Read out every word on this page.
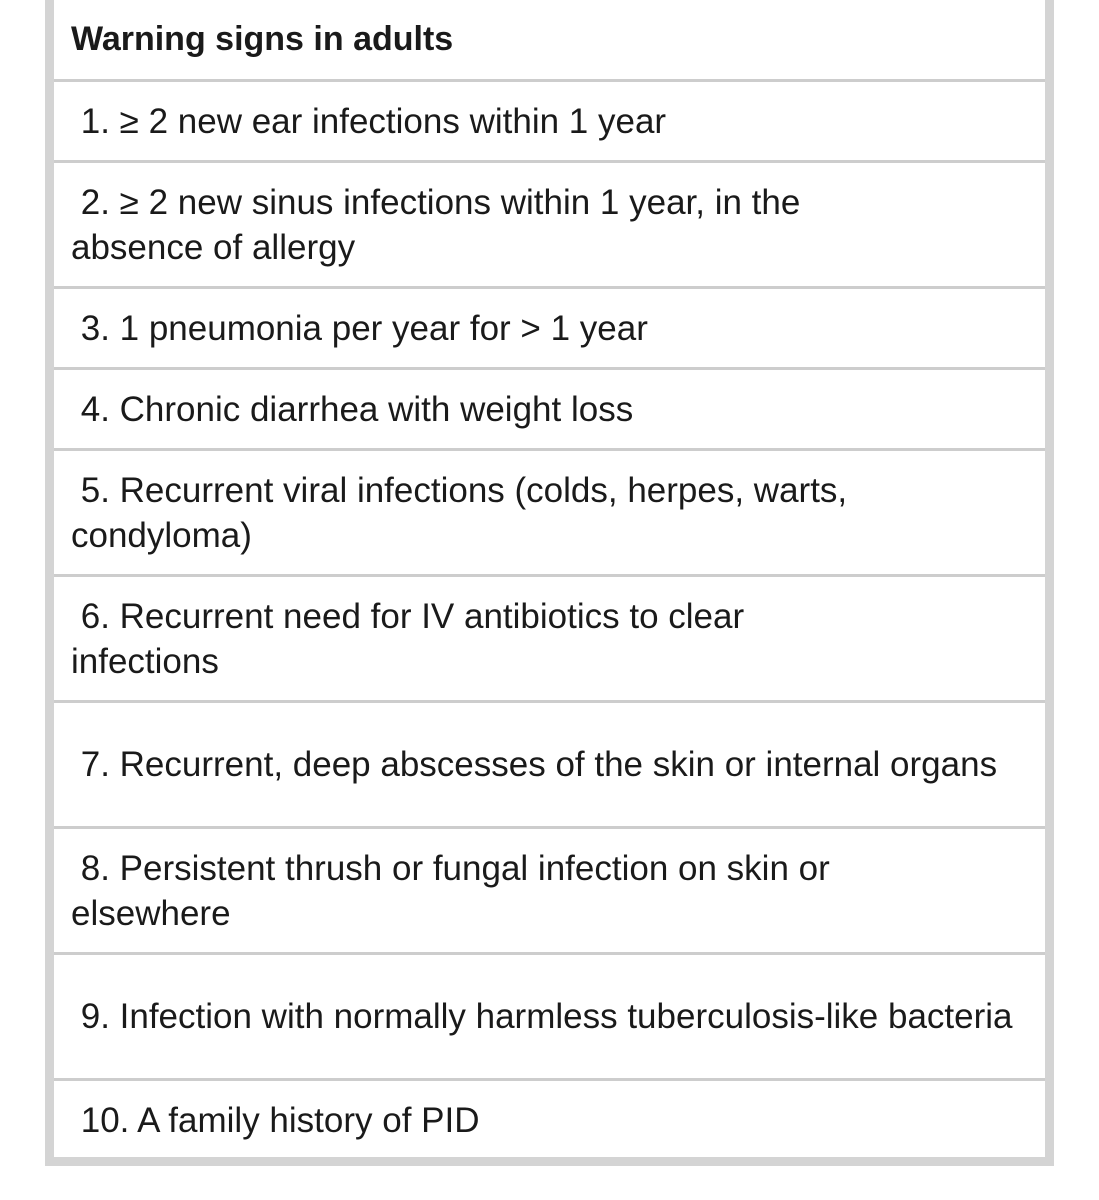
Warning signs in adults
1. ≥ 2 new ear infections within 1 year
2. ≥ 2 new sinus infections within 1 year, in the absence of allergy
3. 1 pneumonia per year for > 1 year
4. Chronic diarrhea with weight loss
5. Recurrent viral infections (colds, herpes, warts, condyloma)
6. Recurrent need for IV antibiotics to clear infections
7. Recurrent, deep abscesses of the skin or internal organs
8. Persistent thrush or fungal infection on skin or elsewhere
9. Infection with normally harmless tuberculosis-like bacteria
10. A family history of PID
